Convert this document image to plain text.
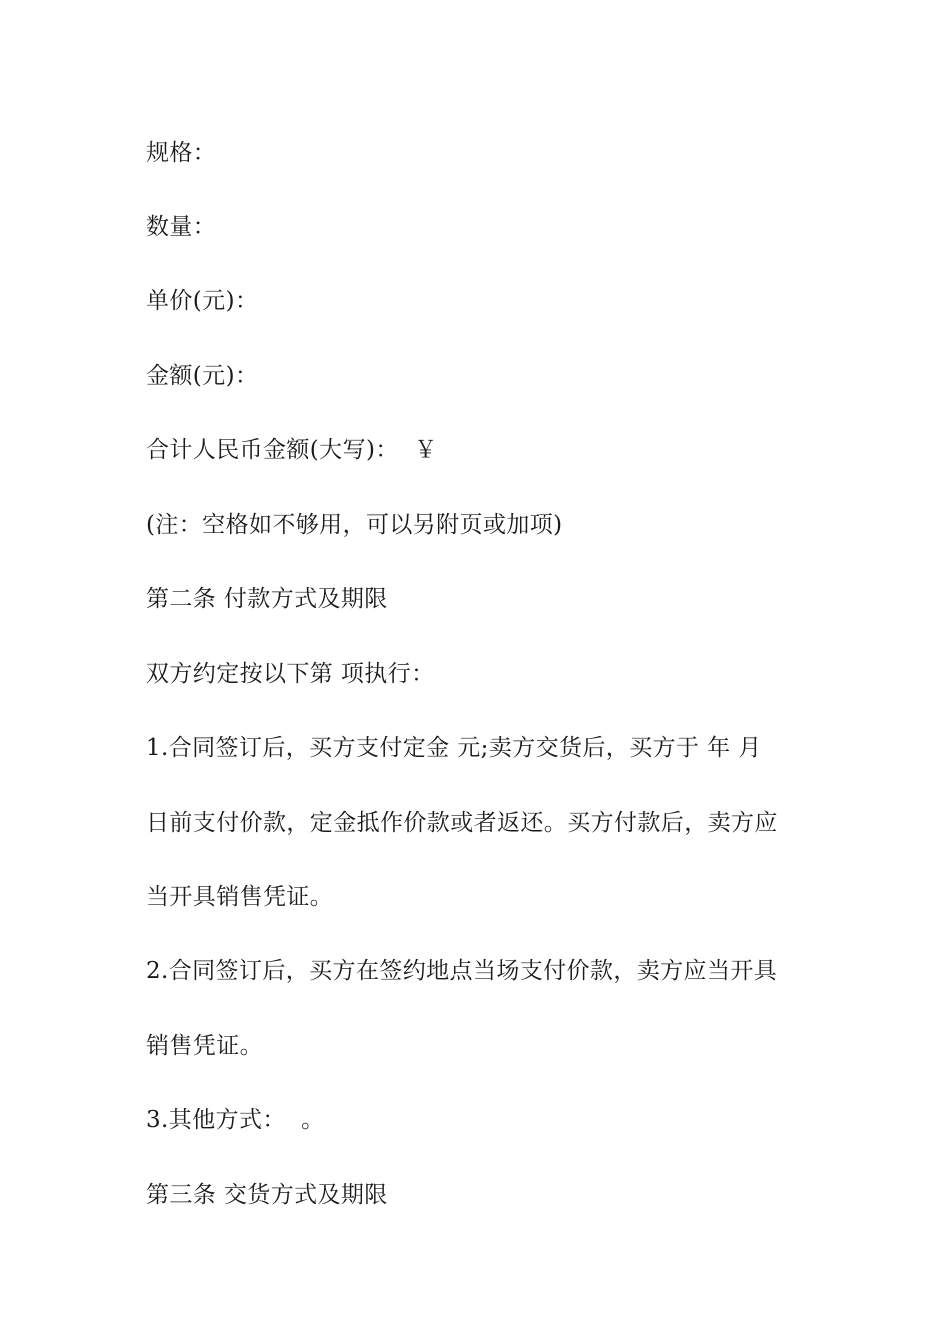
规格：
数量：
单价(元)：
金额(元)：
合计人民币金额(大写)：  ￥
(注：空格如不够用，可以另附页或加项)
第二条 付款方式及期限
双方约定按以下第 项执行：
1.合同签订后，买方支付定金 元;卖方交货后，买方于 年 月
日前支付价款，定金抵作价款或者返还。买方付款后，卖方应
当开具销售凭证。
2.合同签订后，买方在签约地点当场支付价款，卖方应当开具
销售凭证。
3.其他方式：  。
第三条 交货方式及期限
